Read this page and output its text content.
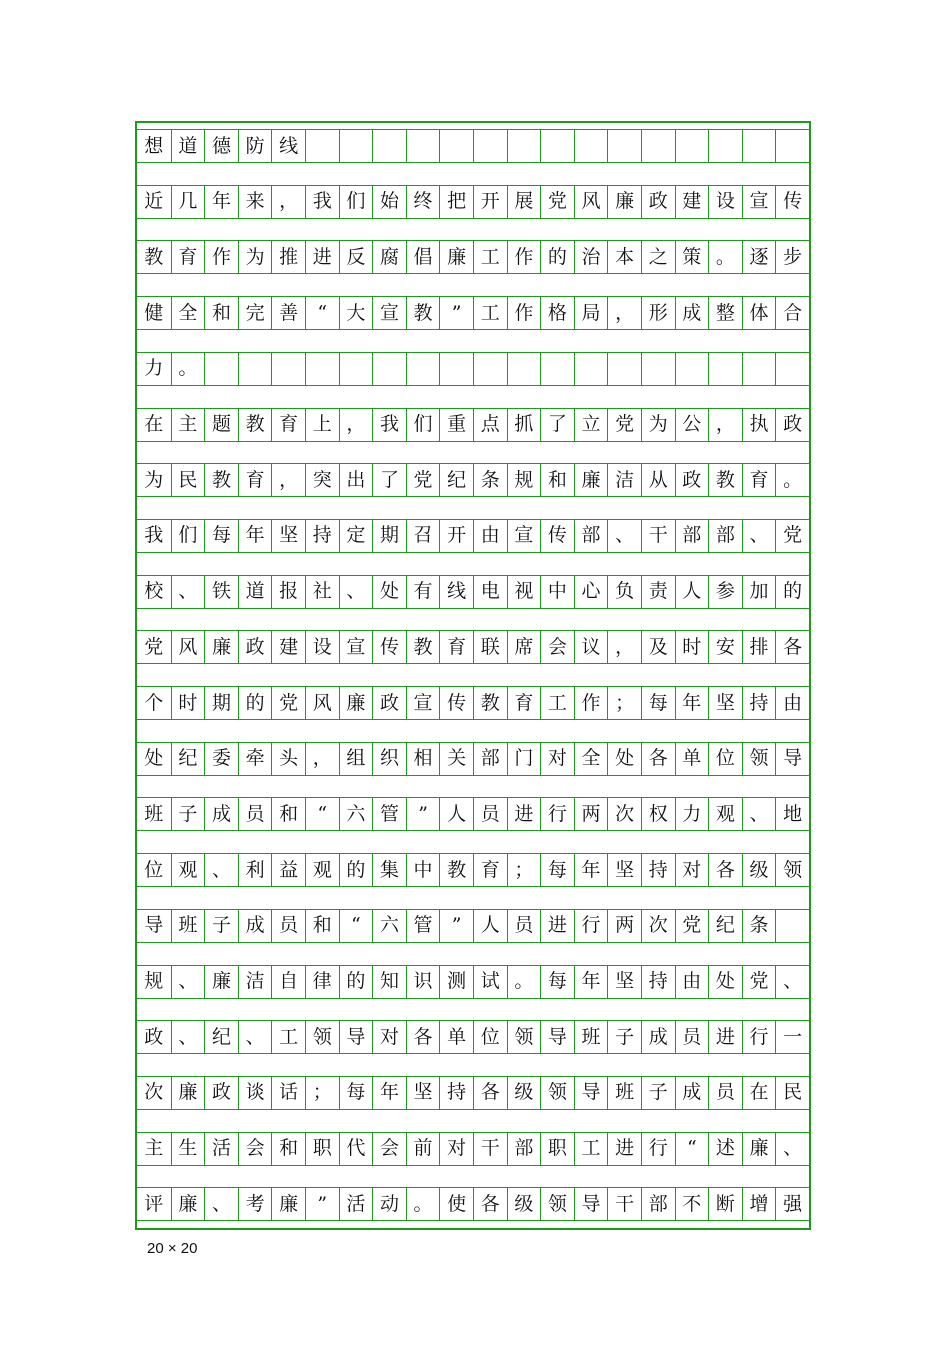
想 道 德 防 线
近 几 年 来 ， 我 们 始 终 把 开 展 党 风 廉 政 建 设 宣 传
教 育 作 为 推 进 反 腐 倡 廉 工 作 的 治 本 之 策 。 逐 步
健 全 和 完 善	“	大 宣 教	”	工 作 格 局 ， 形 成 整 体 合
力 。
在 主 题 教 育 上 ， 我 们 重 点 抓 了 立 党 为 公 ， 执 政
为 民 教 育 ， 突 出 了 党 纪 条 规 和 廉 洁 从 政 教 育 。
我 们 每 年 坚 持 定 期 召 开 由 宣 传 部 、 干 部 部 、 党
校 、 铁 道 报 社 、 处 有 线 电 视 中 心 负 责 人 参 加 的
党 风 廉 政 建 设 宣 传 教 育 联 席 会 议 ， 及 时 安 排 各
个 时 期 的 党 风 廉 政 宣 传 教 育 工 作 ； 每 年 坚 持 由
处 纪 委 牵 头 ， 组 织 相 关 部 门 对 全 处 各 单 位 领 导
班 子 成 员 和	“	六 管	”	人 员 进 行 两 次 权 力 观 、 地
位 观 、 利 益 观 的 集 中 教 育 ； 每 年 坚 持 对 各 级 领
导 班 子 成 员 和	“	六 管	”	人 员 进 行 两 次 党 纪 条
规 、 廉 洁 自 律 的 知 识 测 试 。 每 年 坚 持 由 处 党 、
政 、 纪 、 工 领 导 对 各 单 位 领 导 班 子 成 员 进 行 一
次 廉 政 谈 话 ； 每 年 坚 持 各 级 领 导 班 子 成 员 在 民
主 生 活 会 和 职 代 会 前 对 干 部 职 工 进 行	“	述 廉 、
评 廉 、 考 廉	”	活 动 。 使 各 级 领 导 干 部 不 断 增 强
20 × 20
